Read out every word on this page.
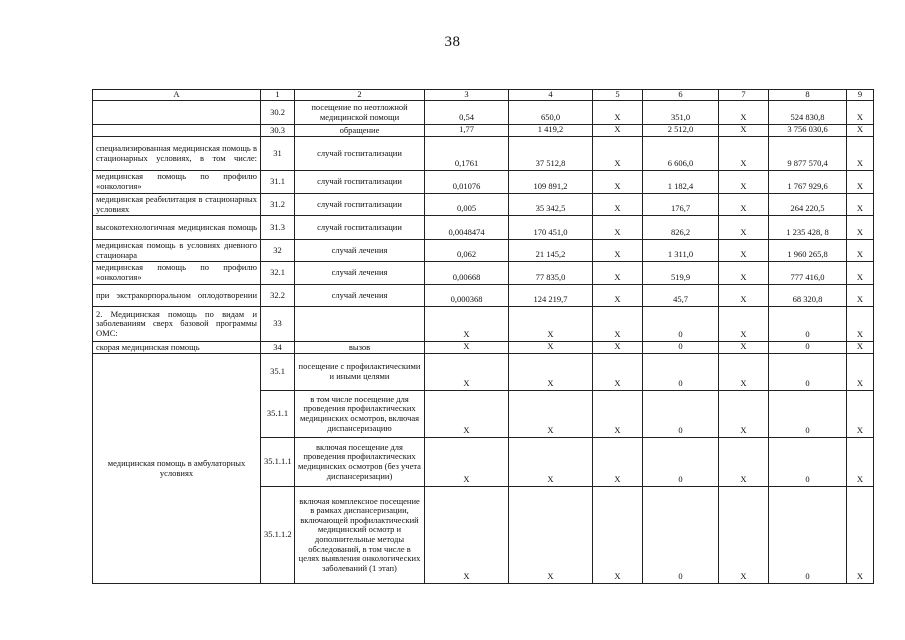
38
А	1	2	3	4	5	6	7	8	9
	30.2	посещение по неотложной медицинской помощи	0,54	650,0	Х	351,0	Х	524 830,8	Х
	30.3	обращение	1,77	1 419,2	Х	2 512,0	Х	3 756 030,6	Х
специализированная медицинская помощь в стационарных условиях, в том числе:	31	случай госпитализации	0,1761	37 512,8	Х	6 606,0	Х	9 877 570,4	Х
медицинская помощь по профилю «онкология»	31.1	случай госпитализации	0,01076	109 891,2	Х	1 182,4	Х	1 767 929,6	Х
медицинская реабилитация в стационарных условиях	31.2	случай госпитализации	0,005	35 342,5	Х	176,7	Х	264 220,5	Х
высокотехнологичная медицинская помощь	31.3	случай госпитализации	0,0048474	170 451,0	Х	826,2	Х	1 235 428, 8	Х
медицинская помощь в условиях дневного стационара	32	случай лечения	0,062	21 145,2	Х	1 311,0	Х	1 960 265,8	Х
медицинская помощь по профилю «онкология»	32.1	случай лечения	0,00668	77 835,0	Х	519,9	Х	777 416,0	Х
при экстракорпоральном оплодотворении	32.2	случай лечения	0,000368	124 219,7	Х	45,7	Х	68 320,8	Х
2. Медицинская помощь по видам и заболеваниям сверх базовой программы ОМС:	33		Х	Х	Х	0	Х	0	Х
скорая медицинская помощь	34	вызов	Х	Х	Х	0	Х	0	Х
медицинская помощь в амбулаторных условиях	35.1	посещение с профилактическими и иными целями	Х	Х	Х	0	Х	0	Х
	35.1.1	в том числе посещение для проведения профилактических медицинских осмотров, включая диспансеризацию	Х	Х	Х	0	Х	0	Х
	35.1.1.1	включая посещение для проведения профилактических медицинских осмотров (без учета диспансеризации)	Х	Х	Х	0	Х	0	Х
	35.1.1.2	включая комплексное посещение в рамках диспансеризации, включающей профилактический медицинский осмотр и дополнительные методы обследований, в том числе в целях выявления онкологических заболеваний (1 этап)	Х	Х	Х	0	Х	0	Х
